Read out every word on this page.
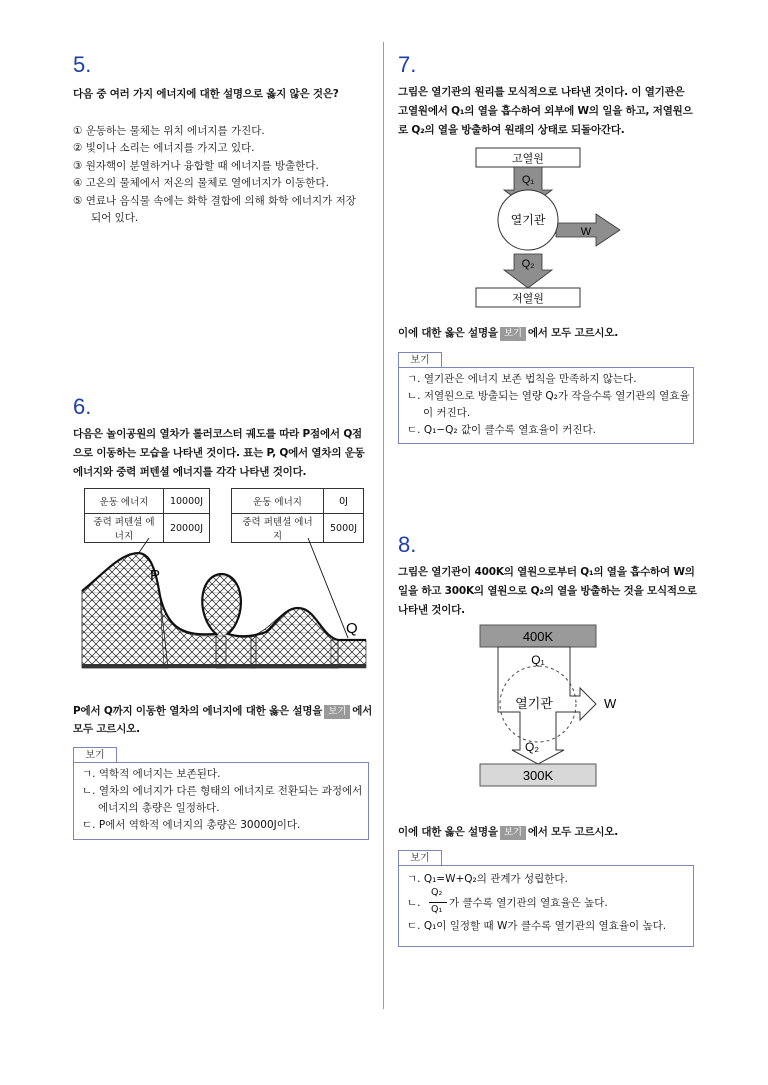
5.
다음 중 여러 가지 에너지에 대한 설명으로 옳지 않은 것은?
① 운동하는 물체는 위치 에너지를 가진다.
② 빛이나 소리는 에너지를 가지고 있다.
③ 원자핵이 분열하거나 융합할 때 에너지를 방출한다.
④ 고온의 물체에서 저온의 물체로 열에너지가 이동한다.
⑤ 연료나 음식물 속에는 화학 결합에 의해 화학 에너지가 저장
되어 있다.
6.
다음은 놀이공원의 열차가 롤러코스터 궤도를 따라 P점에서 Q점
으로 이동하는 모습을 나타낸 것이다. 표는 P, Q에서 열차의 운동
에너지와 중력 퍼텐셜 에너지를 각각 나타낸 것이다.
운동 에너지	10000J
중력 퍼텐셜 에너지	20000J
운동 에너지	0J
중력 퍼텐셜 에너지	5000J
P
Q
P에서 Q까지 이동한 열차의 에너지에 대한 옳은 설명을 보기 에서
모두 고르시오.
보기
ㄱ. 역학적 에너지는 보존된다.
ㄴ. 열차의 에너지가 다른 형태의 에너지로 전환되는 과정에서
에너지의 총량은 일정하다.
ㄷ. P에서 역학적 에너지의 총량은 30000J이다.
7.
그림은 열기관의 원리를 모식적으로 나타낸 것이다. 이 열기관은
고열원에서 Q₁의 열을 흡수하여 외부에 W의 일을 하고, 저열원으
로 Q₂의 열을 방출하여 원래의 상태로 되돌아간다.
고열원
Q₁
W
Q₂
열기관
저열원
이에 대한 옳은 설명을 보기 에서 모두 고르시오.
보기
ㄱ. 열기관은 에너지 보존 법칙을 만족하지 않는다.
ㄴ. 저열원으로 방출되는 열량 Q₂가 작을수록 열기관의 열효율
이 커진다.
ㄷ. Q₁−Q₂ 값이 클수록 열효율이 커진다.
8.
그림은 열기관이 400K의 열원으로부터 Q₁의 열을 흡수하여 W의
일을 하고 300K의 열원으로 Q₂의 열을 방출하는 것을 모식적으로
나타낸 것이다.
400K
Q₁
열기관	W
Q₂
300K
이에 대한 옳은 설명을 보기 에서 모두 고르시오.
보기
ㄱ. Q₁=W+Q₂의 관계가 성립한다.
ㄴ.
Q₂
Q₁
가 클수록 열기관의 열효율은 높다.
ㄷ. Q₁이 일정할 때 W가 클수록 열기관의 열효율이 높다.
